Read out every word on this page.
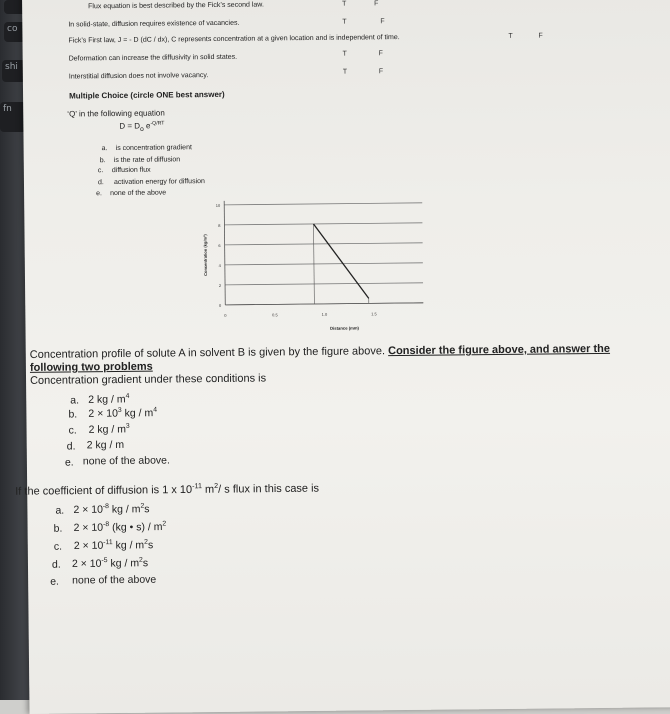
co
shi
fn
Flux equation is best described by the Fick’s second law.	T	F
In solid-state, diffusion requires existence of vacancies.	T	F
Fick’s First law, J = - D (dC / dx), C represents concentration at a given location and is independent of time.	T	F
Deformation can increase the diffusivity in solid states.	T	F
Interstitial diffusion does not involve vacancy.	T	F
Multiple Choice (circle ONE best answer)
‘Q’ in the following equation
$D = D_o$ $e^{-Q/RT}$
a. is concentration gradient
b. is the rate of diffusion
c. diffusion flux
d. activation energy for diffusion
e. none of the above
10
8
6
4
2
0
0	0.5	1.0	1.5
Distance (mm)
Concentration (kg/m³)
Concentration profile of solute A in solvent B is given by the figure above. Consider the figure above, and answer the
following two problems
Concentration gradient under these conditions is
a. 2 kg / $m^4$
b. $2 \times 10^3$ kg / $m^4$
c. 2 kg / $m^3$
d. 2 kg / m
e. none of the above.
If the coefficient of diffusion is 1 x $10^{-11}$ $m^2/$ s flux in this case is
a. $2 \times 10^{-8}$ kg / $m^2s$
b. $2 \times 10^{-8}$ (kg • $s) / m^2$
c. $2 \times 10^{-11}$ kg / $m^2s$
d. $2 \times 10^{-5}$ kg / $m^2s$
e. none of the above
